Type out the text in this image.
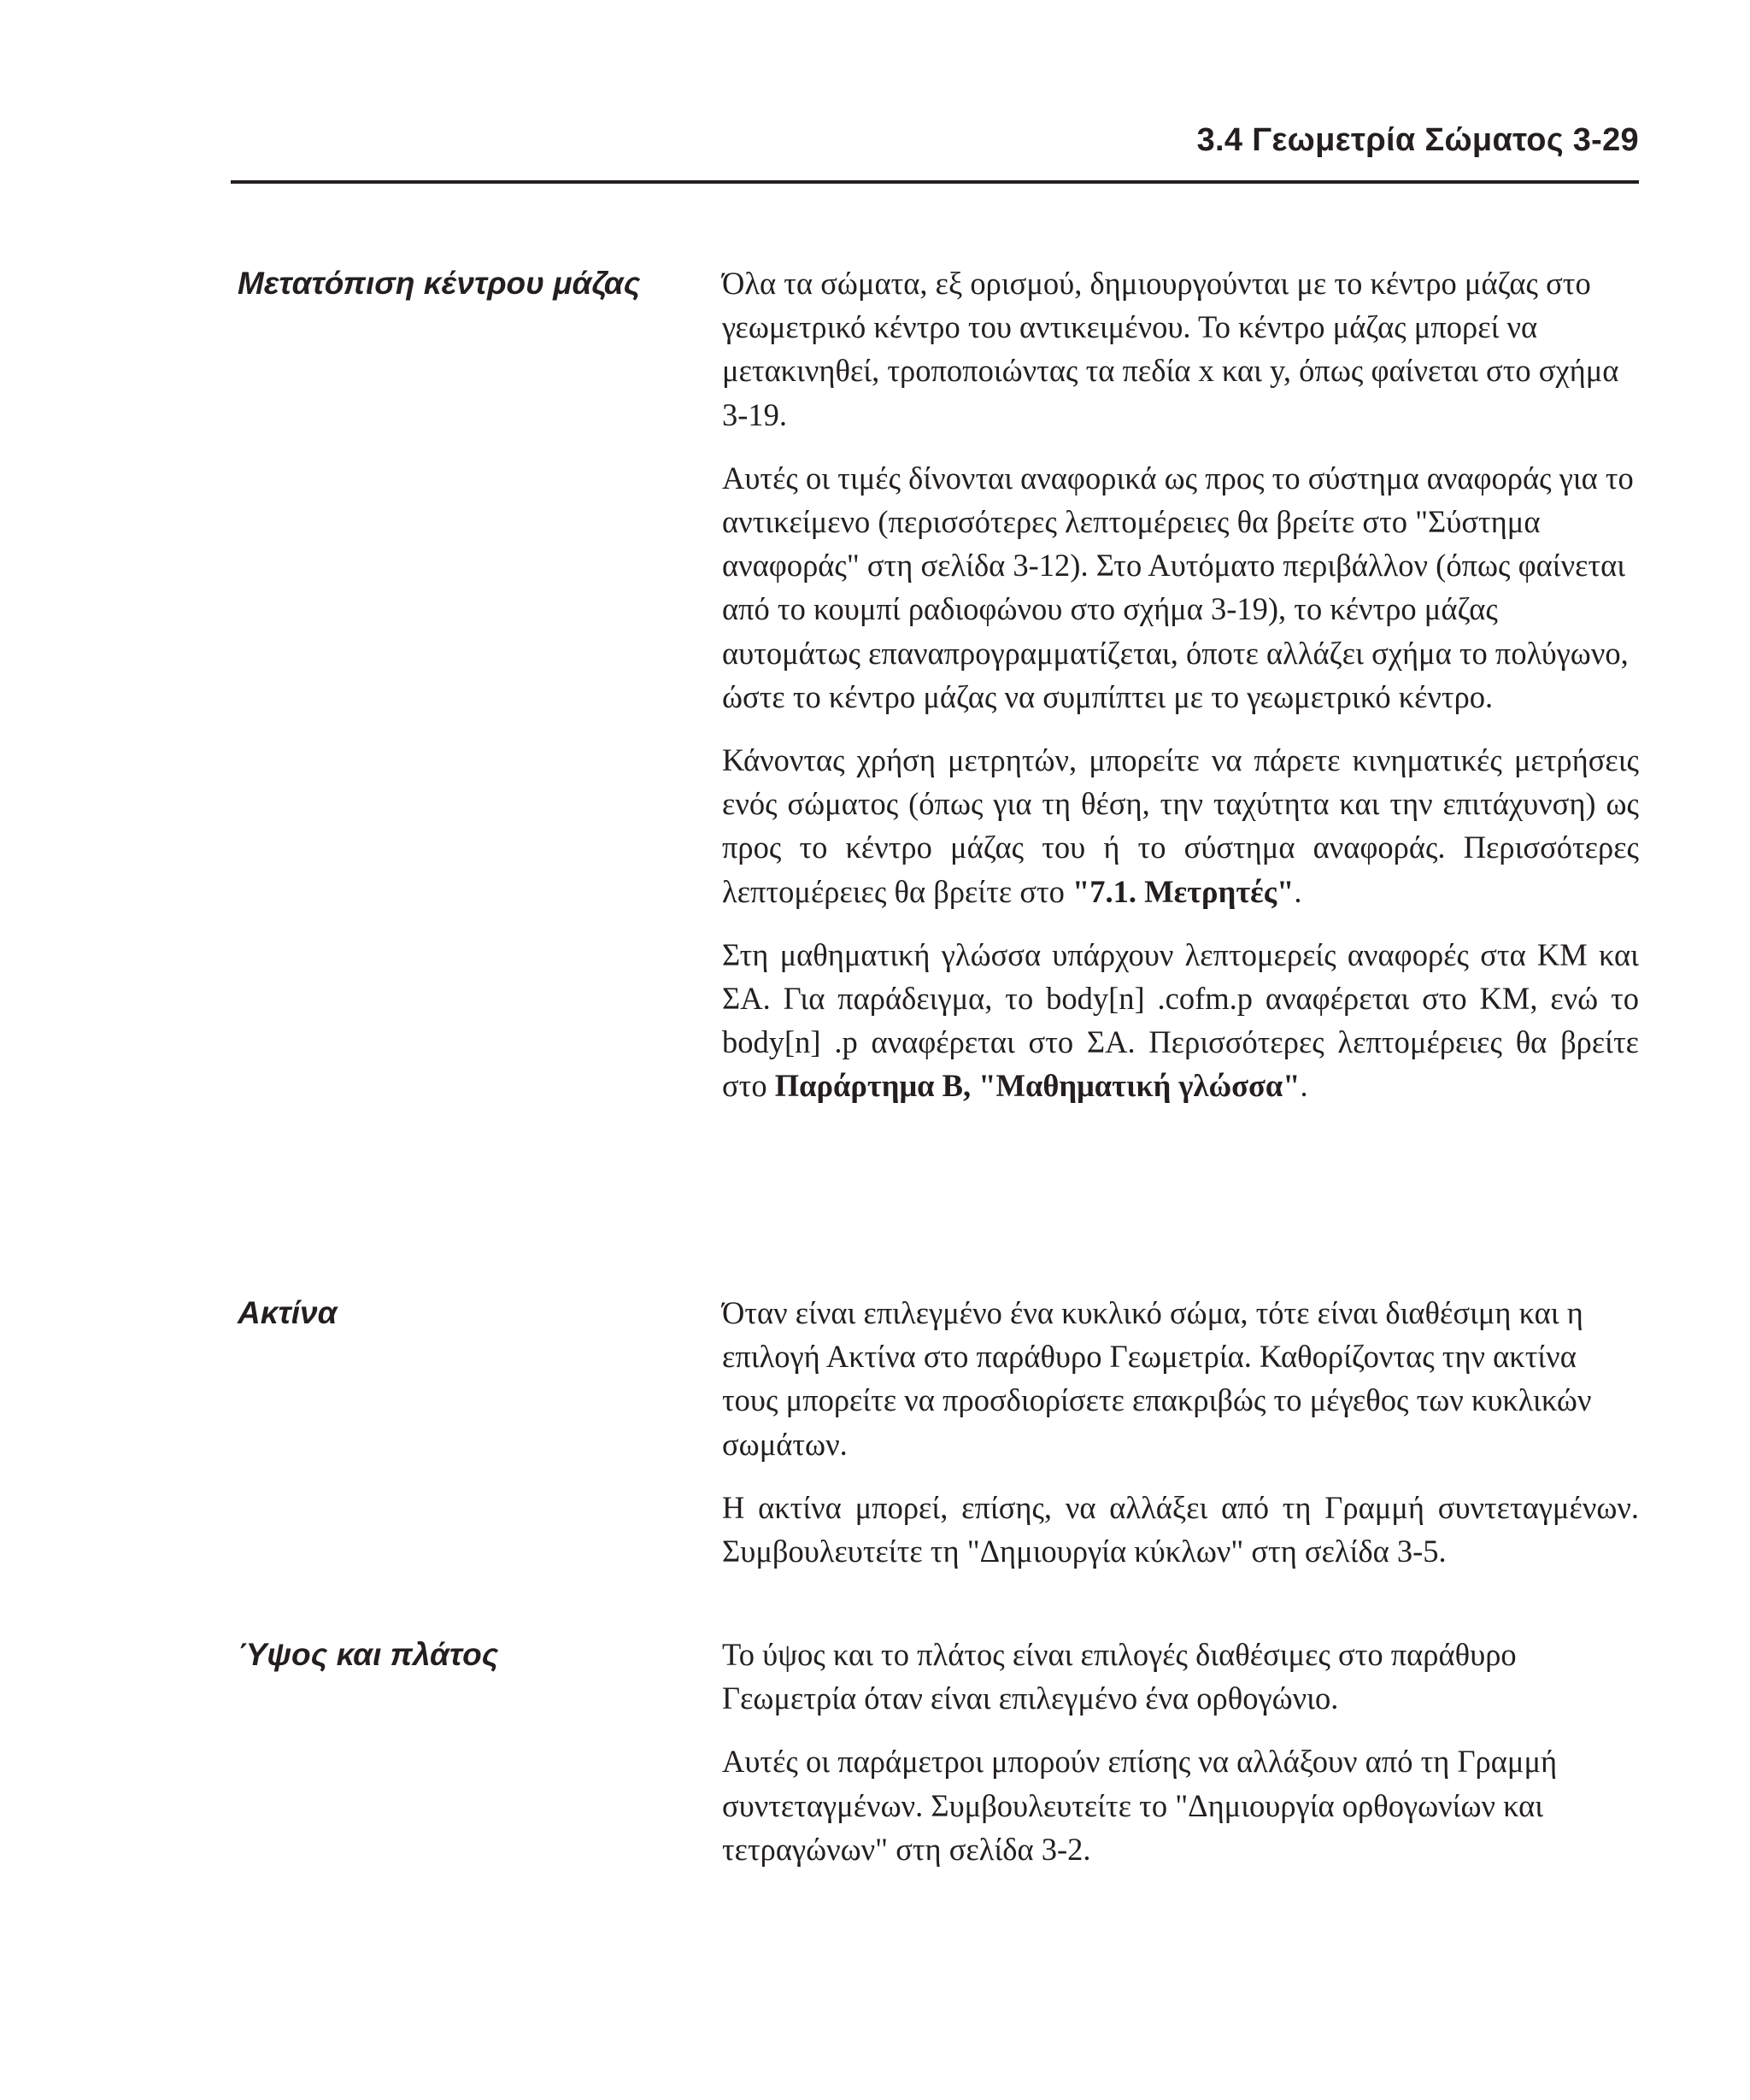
3.4 Γεωμετρία Σώματος 3-29
Μετατόπιση κέντρου μάζας	Όλα τα σώματα, εξ ορισμού, δημιουργούνται με το κέντρο μάζας στο γεωμετρικό κέντρο του αντικειμένου. Το κέντρο μάζας μπορεί να μετακινηθεί, τροποποιώντας τα πεδία x και y, όπως φαίνεται στο σχήμα 3-19.

Αυτές οι τιμές δίνονται αναφορικά ως προς το σύστημα αναφοράς για το αντικείμενο (περισσότερες λεπτομέρειες θα βρείτε στο "Σύστημα αναφοράς" στη σελίδα 3-12). Στο Αυτόματο περιβάλλον (όπως φαίνεται από το κουμπί ραδιοφώνου στο σχήμα 3-19), το κέντρο μάζας αυτομάτως επαναπρογραμματίζεται, όποτε αλλάζει σχήμα το πολύγωνο, ώστε το κέντρο μάζας να συμπίπτει με το γεωμετρικό κέντρο.

Κάνοντας χρήση μετρητών, μπορείτε να πάρετε κινηματικές μετρήσεις ενός σώματος (όπως για τη θέση, την ταχύτητα και την επιτάχυνση) ως προς το κέντρο μάζας του ή το σύστημα αναφοράς. Περισσότερες λεπτομέρειες θα βρείτε στο "7.1. Μετρητές".

Στη μαθηματική γλώσσα υπάρχουν λεπτομερείς αναφορές στα ΚΜ και ΣΑ. Για παράδειγμα, το body[n] .cofm.p αναφέρεται στο ΚΜ, ενώ το body[n] .p αναφέρεται στο ΣΑ. Περισσότερες λεπτομέρειες θα βρείτε στο Παράρτημα Β, "Μαθηματική γλώσσα".

Ακτίνα	Όταν είναι επιλεγμένο ένα κυκλικό σώμα, τότε είναι διαθέσιμη και η επιλογή Ακτίνα στο παράθυρο Γεωμετρία. Καθορίζοντας την ακτίνα τους μπορείτε να προσδιορίσετε επακριβώς το μέγεθος των κυκλικών σωμάτων.

Η ακτίνα μπορεί, επίσης, να αλλάξει από τη Γραμμή συντεταγμένων. Συμβουλευτείτε τη "Δημιουργία κύκλων" στη σελίδα 3-5.

Ύψος και πλάτος	Το ύψος και το πλάτος είναι επιλογές διαθέσιμες στο παράθυρο Γεωμετρία όταν είναι επιλεγμένο ένα ορθογώνιο.

Αυτές οι παράμετροι μπορούν επίσης να αλλάξουν από τη Γραμμή συντεταγμένων. Συμβουλευτείτε το "Δημιουργία ορθογωνίων και τετραγώνων" στη σελίδα 3-2.
